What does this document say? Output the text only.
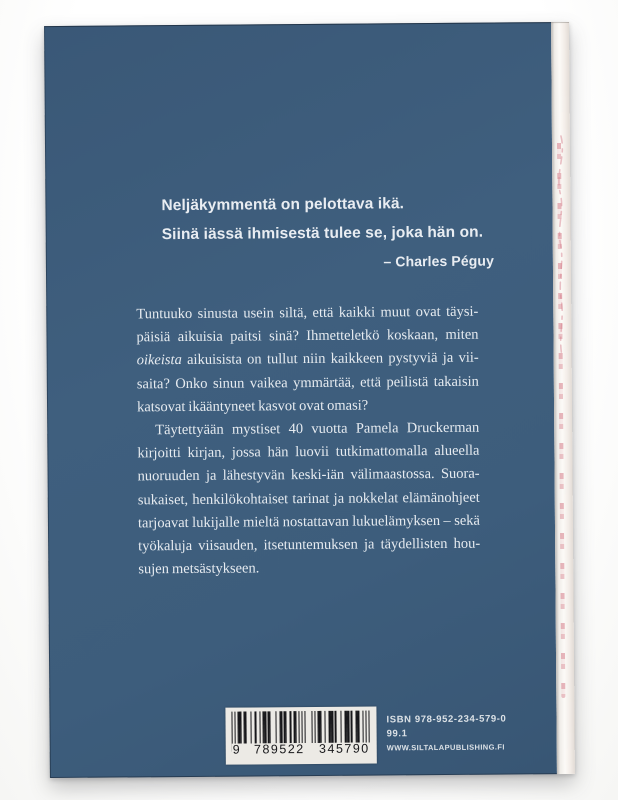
Neljäkymmentä on pelottava ikä.
Siinä iässä ihmisestä tulee se, joka hän on.
– Charles Péguy
Tuntuuko sinusta usein siltä, että kaikki muut ovat täysi-
päisiä aikuisia paitsi sinä? Ihmetteletkö koskaan, miten
oikeista aikuisista on tullut niin kaikkeen pystyviä ja vii-
saita? Onko sinun vaikea ymmärtää, että peilistä takaisin
katsovat ikääntyneet kasvot ovat omasi?
Täytettyään mystiset 40 vuotta Pamela Druckerman
kirjoitti kirjan, jossa hän luovii tutkimattomalla alueella
nuoruuden ja lähestyvän keski-iän välimaastossa. Suora-
sukaiset, henkilökohtaiset tarinat ja nokkelat elämänohjeet
tarjoavat lukijalle mieltä nostattavan lukuelämyksen – sekä
työkaluja viisauden, itsetuntemuksen ja täydellisten hou-
sujen metsästykseen.
ISBN 978-952-234-579-0
99.1
WWW.SILTALAPUBLISHING.FI
9 789522 345790
